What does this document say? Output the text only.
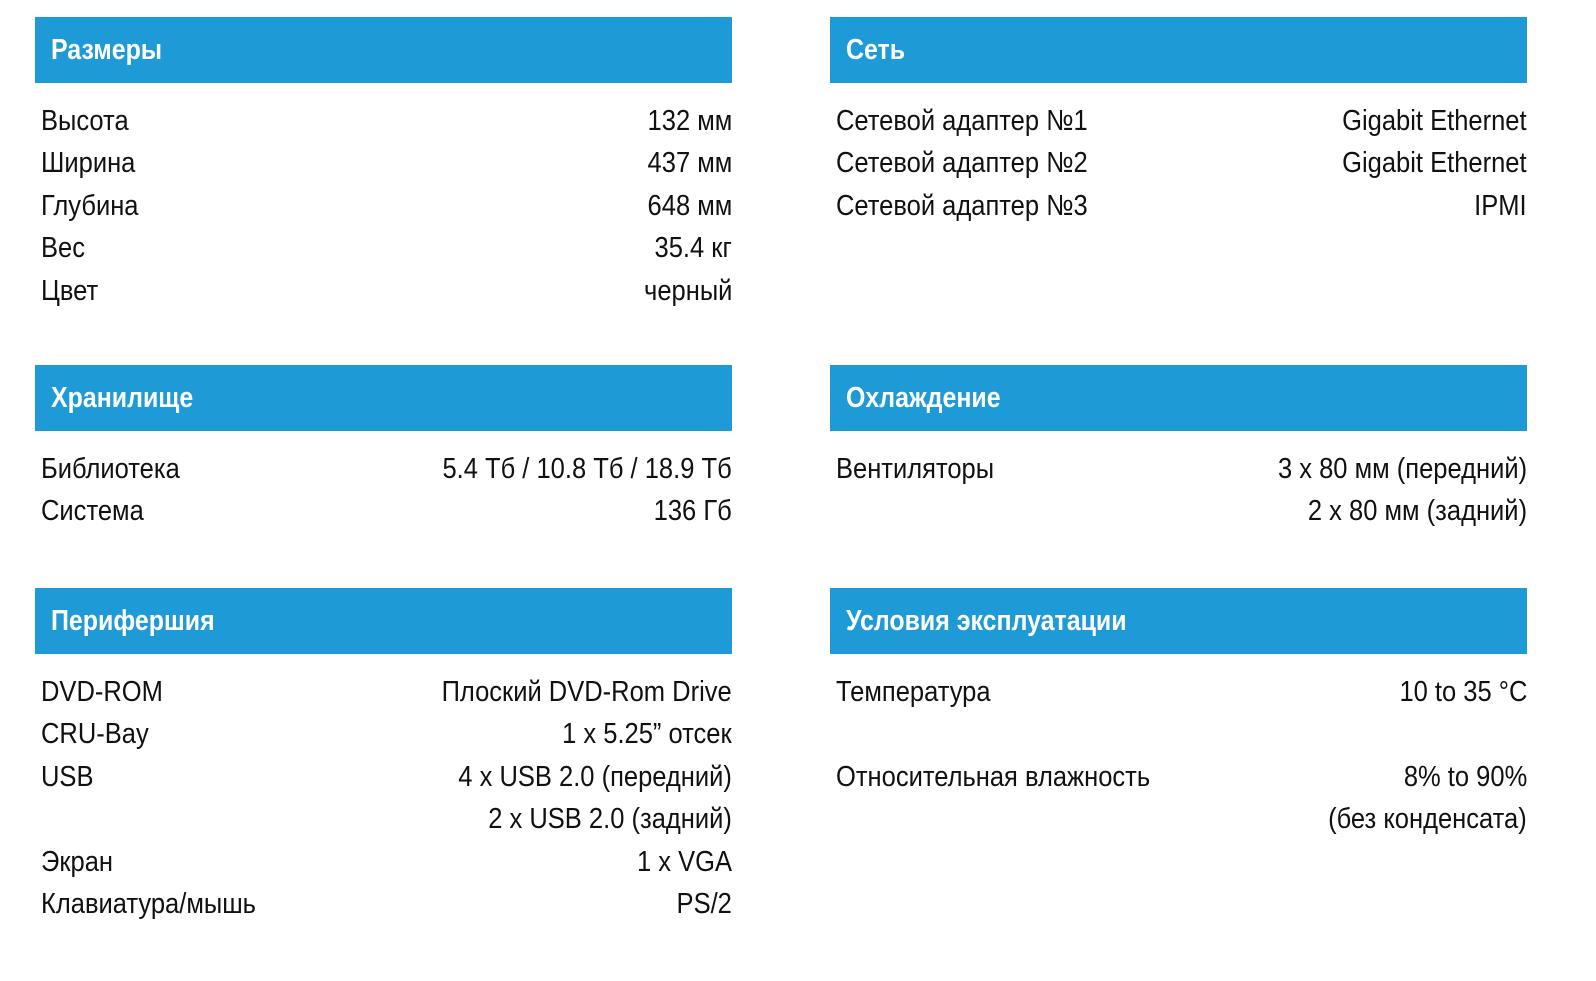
Размеры
Высота	132 мм
Ширина	437 мм
Глубина	648 мм
Вес	35.4 кг
Цвет	черный
Сеть
Сетевой адаптер №1	Gigabit Ethernet
Сетевой адаптер №2	Gigabit Ethernet
Сетевой адаптер №3	IPMI
Хранилище
Библиотека	5.4 Тб / 10.8 Тб / 18.9 Тб
Система	136 Гб
Охлаждение
Вентиляторы	3 x 80 мм (передний)
2 x 80 мм (задний)
Перифершия
DVD-ROM	Плоский DVD-Rom Drive
CRU-Bay	1 x 5.25” отсек
USB	4 x USB 2.0 (передний)
2 x USB 2.0 (задний)
Экран	1 x VGA
Клавиатура/мышь	PS/2
Условия эксплуатации
Температура	10 to 35 °C
Относительная влажность	8% to 90%
(без конденсата)
